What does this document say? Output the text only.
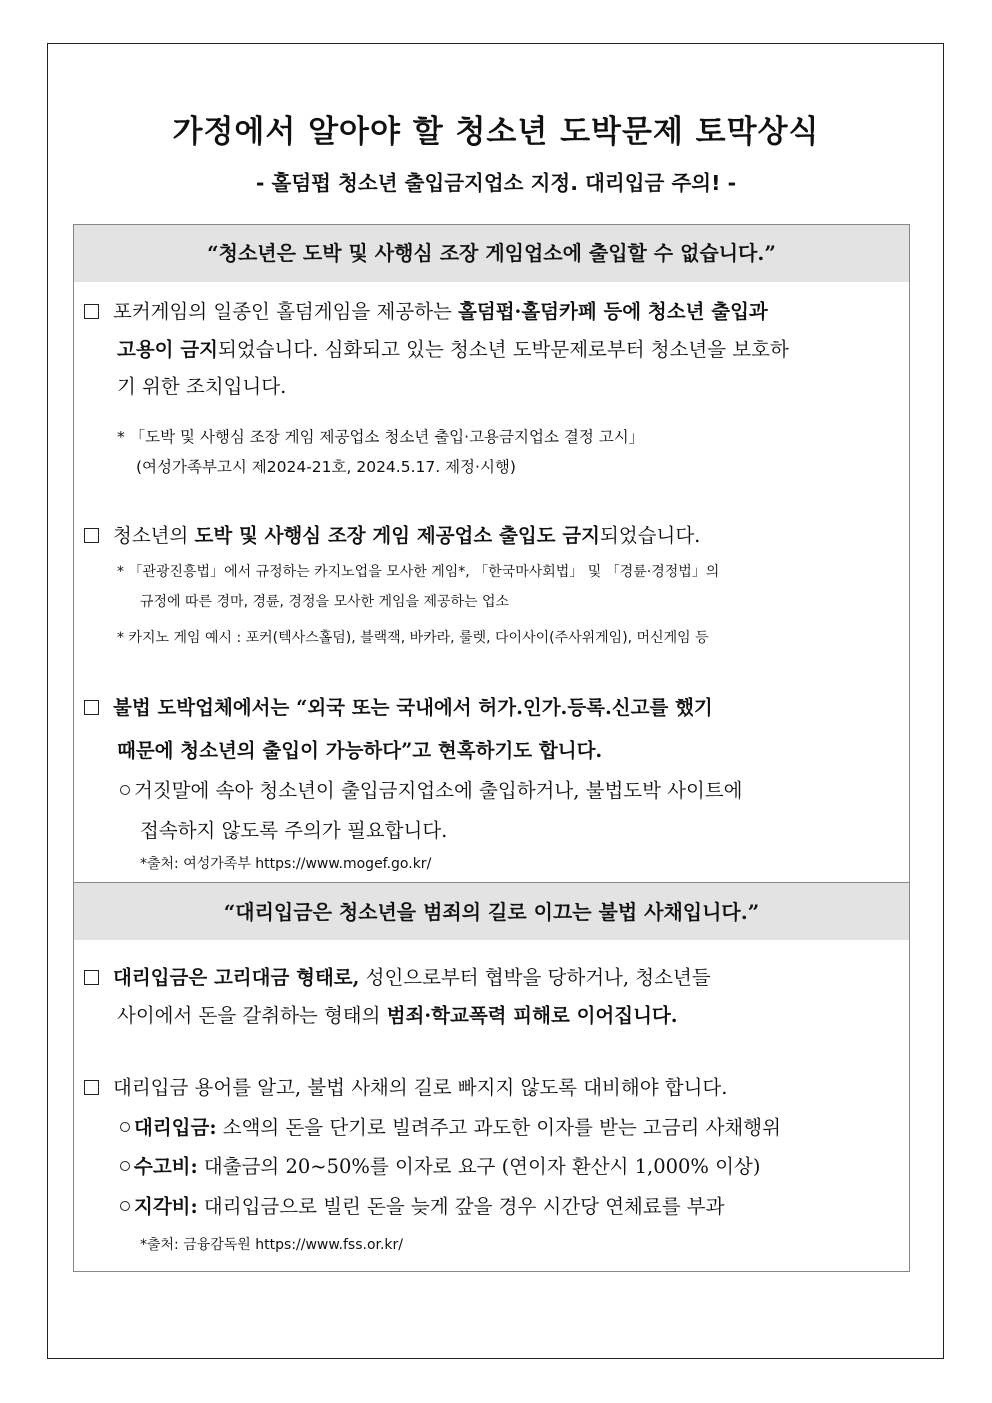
가정에서 알아야 할 청소년 도박문제 토막상식
- 홀덤펍 청소년 출입금지업소 지정. 대리입금 주의! -
“청소년은 도박 및 사행심 조장 게임업소에 출입할 수 없습니다.”
포커게임의 일종인 홀덤게임을 제공하는 홀덤펍·홀덤카페 등에 청소년 출입과
고용이 금지되었습니다. 심화되고 있는 청소년 도박문제로부터 청소년을 보호하
기 위한 조치입니다.
* 「도박 및 사행심 조장 게임 제공업소 청소년 출입·고용금지업소 결정 고시」
(여성가족부고시 제2024-21호, 2024.5.17. 제정·시행)
청소년의 도박 및 사행심 조장 게임 제공업소 출입도 금지되었습니다.
* 「관광진흥법」에서 규정하는 카지노업을 모사한 게임*, 「한국마사회법」 및 「경륜·경정법」의
규정에 따른 경마, 경륜, 경정을 모사한 게임을 제공하는 업소
* 카지노 게임 예시 : 포커(텍사스홀덤), 블랙잭, 바카라, 룰렛, 다이사이(주사위게임), 머신게임 등
불법 도박업체에서는 “외국 또는 국내에서 허가.인가.등록.신고를 했기
때문에 청소년의 출입이 가능하다”고 현혹하기도 합니다.
거짓말에 속아 청소년이 출입금지업소에 출입하거나, 불법도박 사이트에
접속하지 않도록 주의가 필요합니다.
*출처: 여성가족부 https://www.mogef.go.kr/
“대리입금은 청소년을 범죄의 길로 이끄는 불법 사채입니다.”
대리입금은 고리대금 형태로, 성인으로부터 협박을 당하거나, 청소년들
사이에서 돈을 갈취하는 형태의 범죄·학교폭력 피해로 이어집니다.
대리입금 용어를 알고, 불법 사채의 길로 빠지지 않도록 대비해야 합니다.
대리입금: 소액의 돈을 단기로 빌려주고 과도한 이자를 받는 고금리 사채행위
수고비: 대출금의 20~50%를 이자로 요구 (연이자 환산시 1,000% 이상)
지각비: 대리입금으로 빌린 돈을 늦게 갚을 경우 시간당 연체료를 부과
*출처: 금융감독원 https://www.fss.or.kr/
